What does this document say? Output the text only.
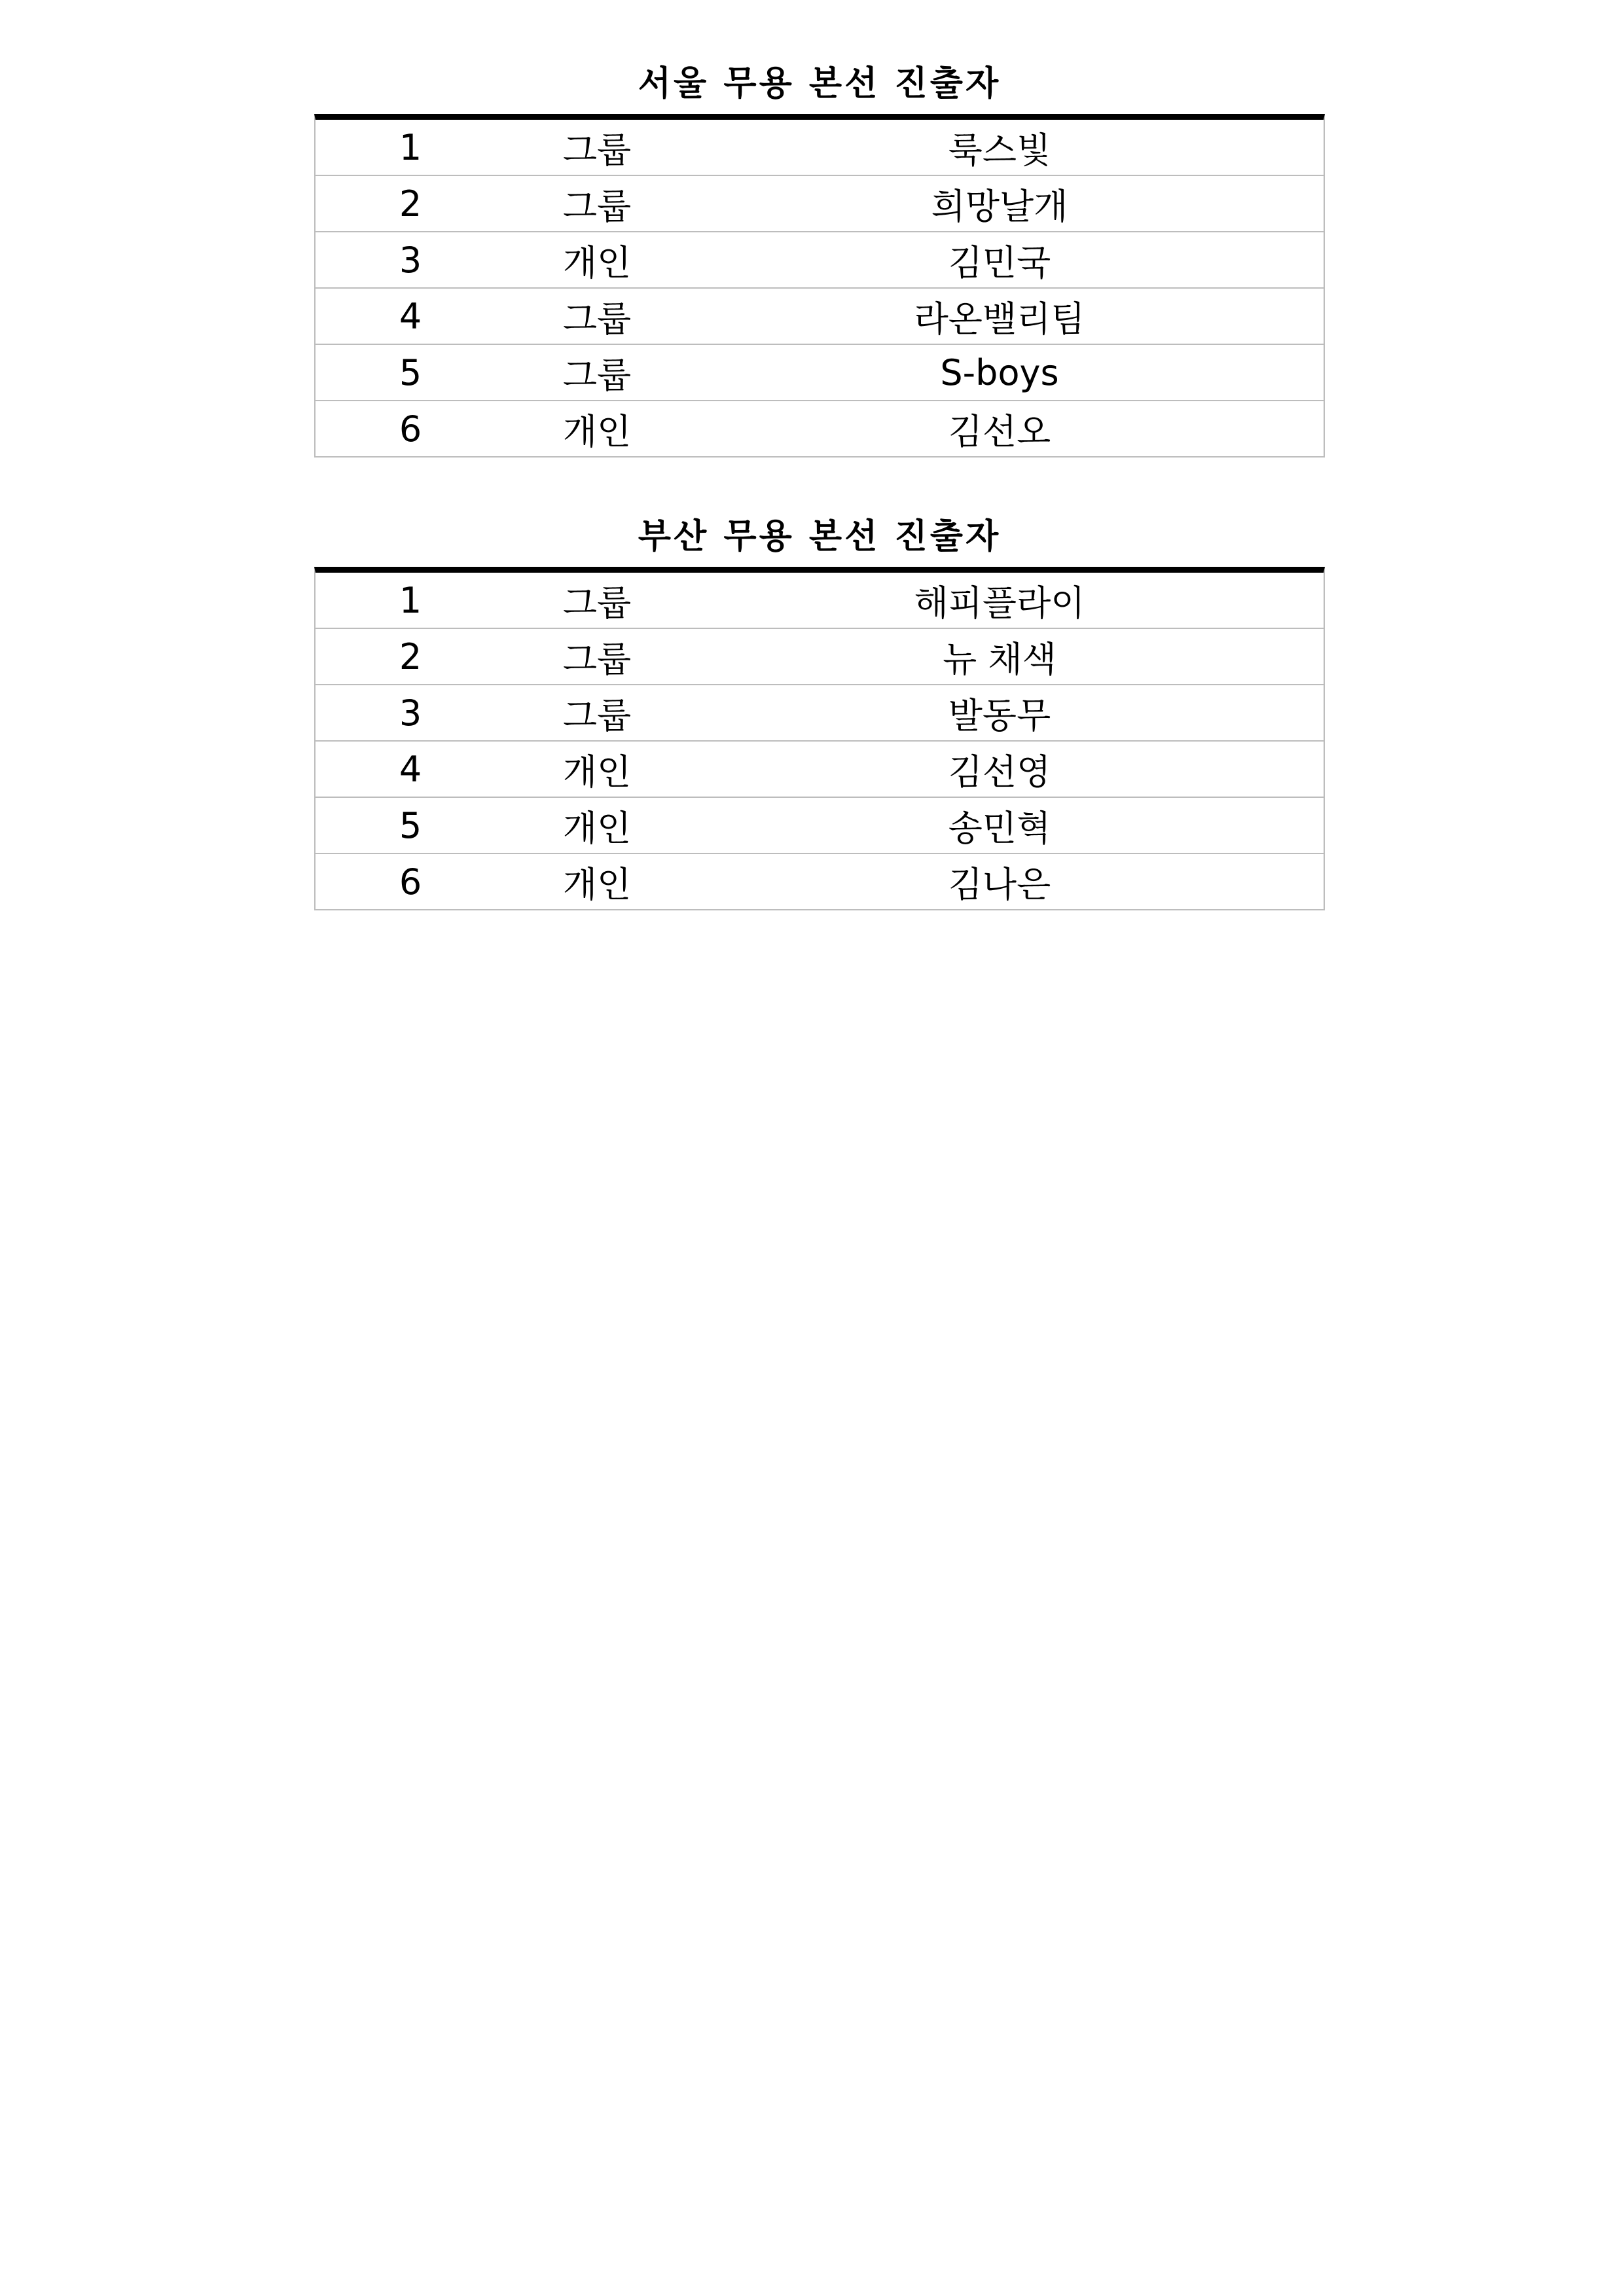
서울 무용 본선 진출자
1	그룹	룩스빛
2	그룹	희망날개
3	개인	김민국
4	그룹	라온밸리팀
5	그룹	S-boys
6	개인	김선오
부산 무용 본선 진출자
1	그룹	해피플라이
2	그룹	뉴 채색
3	그룹	발동무
4	개인	김선영
5	개인	송민혁
6	개인	김나은
